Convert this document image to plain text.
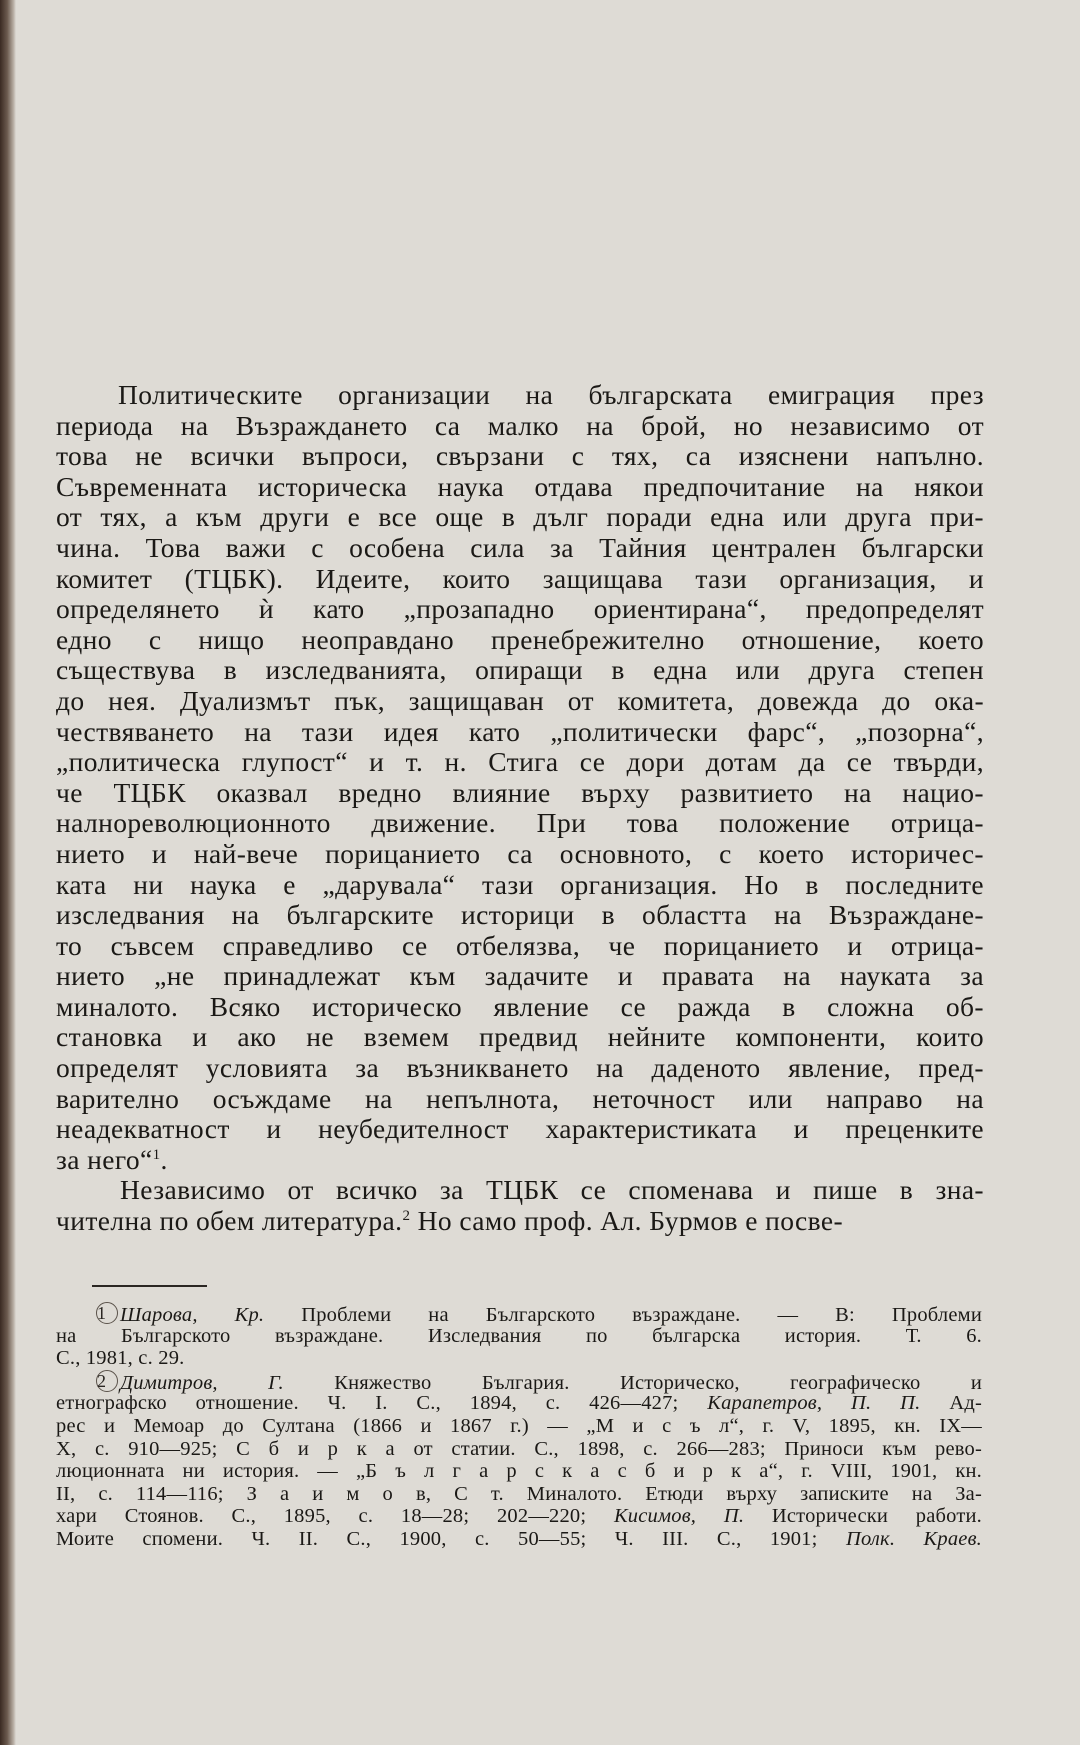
Политическите организации на българската емиграция през
периода на Възраждането са малко на брой, но независимо от
това не всички въпроси, свързани с тях, са изяснени напълно.
Съвременната историческа наука отдава предпочитание на някои
от тях, а към други е все още в дълг поради една или друга при-
чина. Това важи с особена сила за Тайния централен български
комитет (ТЦБК). Идеите, които защищава тази организация, и
определянето ѝ като „прозападно ориентирана“, предопределят
едно с нищо неоправдано пренебрежително отношение, което
съществува в изследванията, опиращи в една или друга степен
до нея. Дуализмът пък, защищаван от комитета, довежда до ока-
чествяването на тази идея като „политически фарс“, „позорна“,
„политическа глупост“ и т. н. Стига се дори дотам да се твърди,
че ТЦБК оказвал вредно влияние върху развитието на нацио-
налнореволюционното движение. При това положение отрица-
нието и най-вече порицанието са основното, с което историчес-
ката ни наука е „дарувала“ тази организация. Но в последните
изследвания на българските историци в областта на Възраждане-
то съвсем справедливо се отбелязва, че порицанието и отрица-
нието „не принадлежат към задачите и правата на науката за
миналото. Всяко историческо явление се ражда в сложна об-
становка и ако не вземем предвид нейните компоненти, които
определят условията за възникването на даденото явление, пред-
варително осъждаме на непълнота, неточност или направо на
неадекватност и неубедителност характеристиката и преценките
за него“$^1$.
Независимо от всичко за ТЦБК се споменава и пише в зна-
чителна по обем литература.$^2$ Но само проф. Ал. Бурмов е посве-
1 Шарова, Кр. Проблеми на Българското възраждане. — В: Проблеми
на Българското възраждане. Изследвания по българска история. Т. 6.
С., 1981, с. 29.
2 Димитров, Г. Княжество България. Историческо, географическо и
етнографско отношение. Ч. I. С., 1894, с. 426—427; Карапетров, П. П. Ад-
рес и Мемоар до Султана (1866 и 1867 г.) — „М и с ъ л“, г. V, 1895, кн. IX—
X, с. 910—925; С б и р к а от статии. С., 1898, с. 266—283; Приноси към рево-
люционната ни история. — „Б ъ л г а р с к а с б и р к а“, г. VIII, 1901, кн.
II, с. 114—116; З а и м о в, С т. Миналото. Етюди върху записките на За-
хари Стоянов. С., 1895, с. 18—28; 202—220; Кисимов, П. Исторически работи.
Моите спомени. Ч. II. С., 1900, с. 50—55; Ч. III. С., 1901; Полк. Краев.
